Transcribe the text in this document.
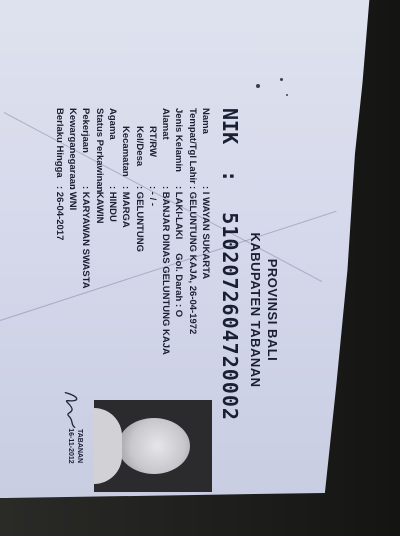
PROVINSI BALI
KABUPATEN TABANAN
NIK : 5102072604720002
Nama
: I WAYAN SUKARTA
Tempat/Tgl Lahir
: GELUNTUNG KAJA, 26-04-1972
Jenis Kelamin
: LAKI-LAKI
Gol. Darah : O
Alamat
: BANJAR DINAS GELUNTUNG KAJA
RT/RW
: - / -
Kel/Desa
: GELUNTUNG
Kecamatan
: MARGA
Agama
: HINDU
Status Perkawinan
: KAWIN
Pekerjaan
: KARYAWAN SWASTA
Kewarganegaraan
: WNI
Berlaku Hingga
: 26-04-2017
TABANAN
16-11-2012
